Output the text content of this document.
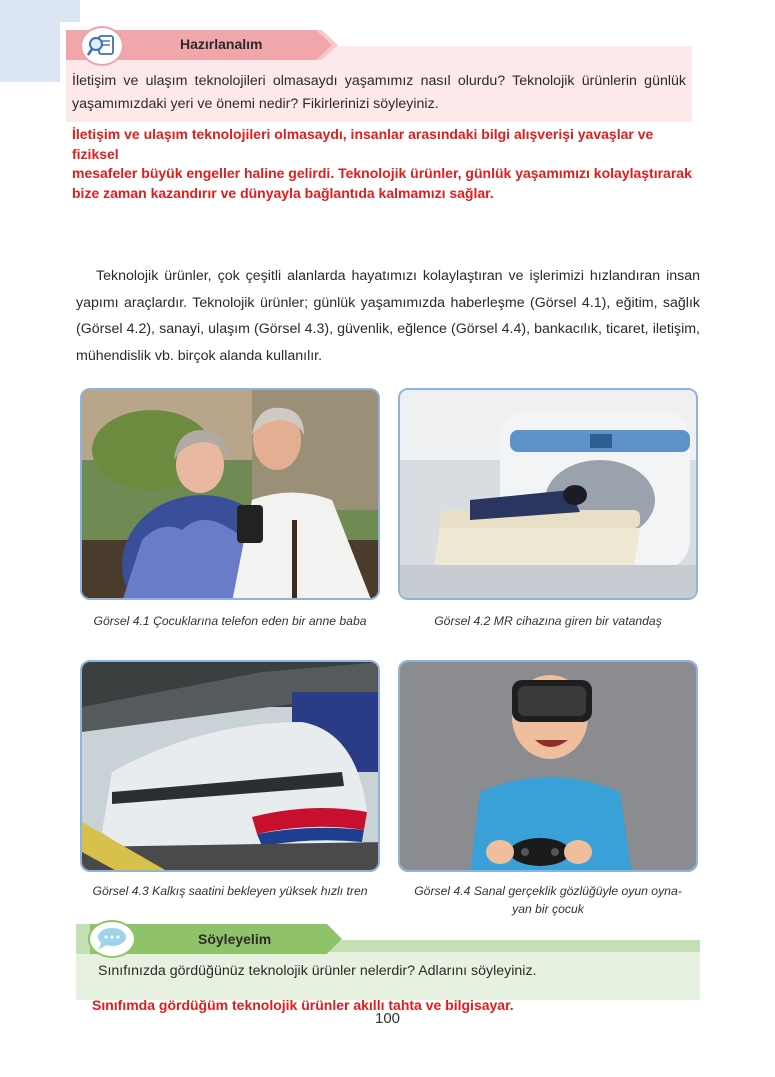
Hazırlanalım
İletişim ve ulaşım teknolojileri olmasaydı yaşamımız nasıl olurdu? Teknolojik ürünlerin günlük yaşamımızdaki yeri ve önemi nedir? Fikirlerinizi söyleyiniz.
İletişim ve ulaşım teknolojileri olmasaydı, insanlar arasındaki bilgi alışverişi yavaşlar ve fiziksel
mesafeler büyük engeller haline gelirdi. Teknolojik ürünler, günlük yaşamımızı kolaylaştırarak
bize zaman kazandırır ve dünyayla bağlantıda kalmamızı sağlar.
Teknolojik ürünler, çok çeşitli alanlarda hayatımızı kolaylaştıran ve işlerimizi hızlandıran insan yapımı araçlardır. Teknolojik ürünler; günlük yaşamımızda haberleşme (Görsel 4.1), eğitim, sağlık (Görsel 4.2), sanayi, ulaşım (Görsel 4.3), güvenlik, eğlence (Görsel 4.4), bankacılık, ticaret, iletişim, mühendislik vb. birçok alanda kullanılır.
Görsel 4.1 Çocuklarına telefon eden bir anne baba	Görsel 4.2 MR cihazına giren bir vatandaş
Görsel 4.3 Kalkış saatini bekleyen yüksek hızlı tren	Görsel 4.4 Sanal gerçeklik gözlüğüyle oyun oyna-
yan bir çocuk
Söyleyelim
Sınıfınızda gördüğünüz teknolojik ürünler nelerdir? Adlarını söyleyiniz.
Sınıfımda gördüğüm teknolojik ürünler akıllı tahta ve bilgisayar.
100
